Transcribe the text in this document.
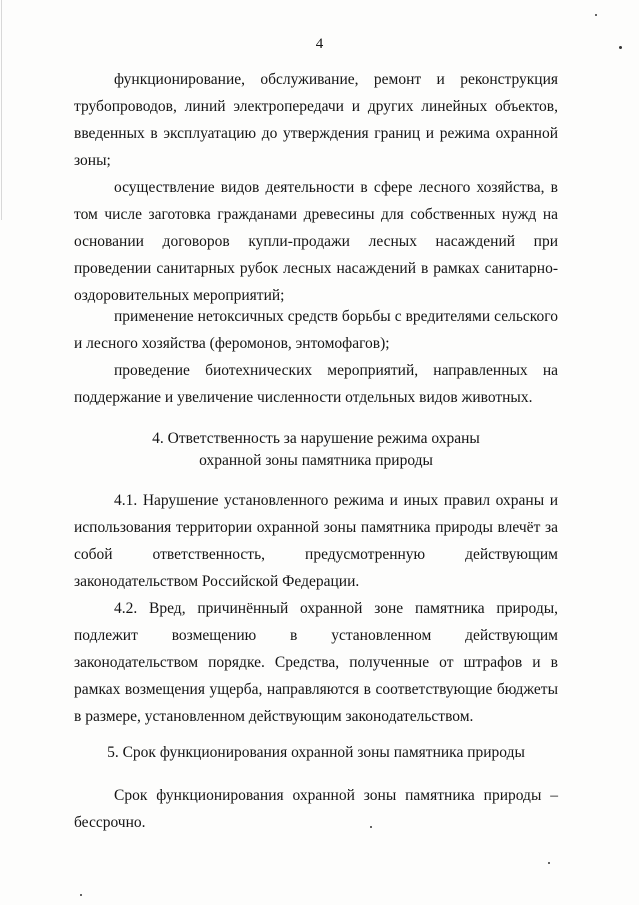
4

функционирование, обслуживание, ремонт и реконструкция трубопроводов, линий электропередачи и других линейных объектов, введенных в эксплуатацию до утверждения границ и режима охранной зоны;

осуществление видов деятельности в сфере лесного хозяйства, в том числе заготовка гражданами древесины для собственных нужд на основании договоров купли-продажи лесных насаждений при проведении санитарных рубок лесных насаждений в рамках санитарно-оздоровительных мероприятий;

применение нетоксичных средств борьбы с вредителями сельского и лесного хозяйства (феромонов, энтомофагов);

проведение биотехнических мероприятий, направленных на поддержание и увеличение численности отдельных видов животных.

4. Ответственность за нарушение режима охраны
охранной зоны памятника природы

4.1. Нарушение установленного режима и иных правил охраны и использования территории охранной зоны памятника природы влечёт за собой ответственность, предусмотренную действующим законодательством Российской Федерации.

4.2. Вред, причинённый охранной зоне памятника природы, подлежит возмещению в установленном действующим законодательством порядке. Средства, полученные от штрафов и в рамках возмещения ущерба, направляются в соответствующие бюджеты в размере, установленном действующим законодательством.

5. Срок функционирования охранной зоны памятника природы

Срок функционирования охранной зоны памятника природы – бессрочно.
